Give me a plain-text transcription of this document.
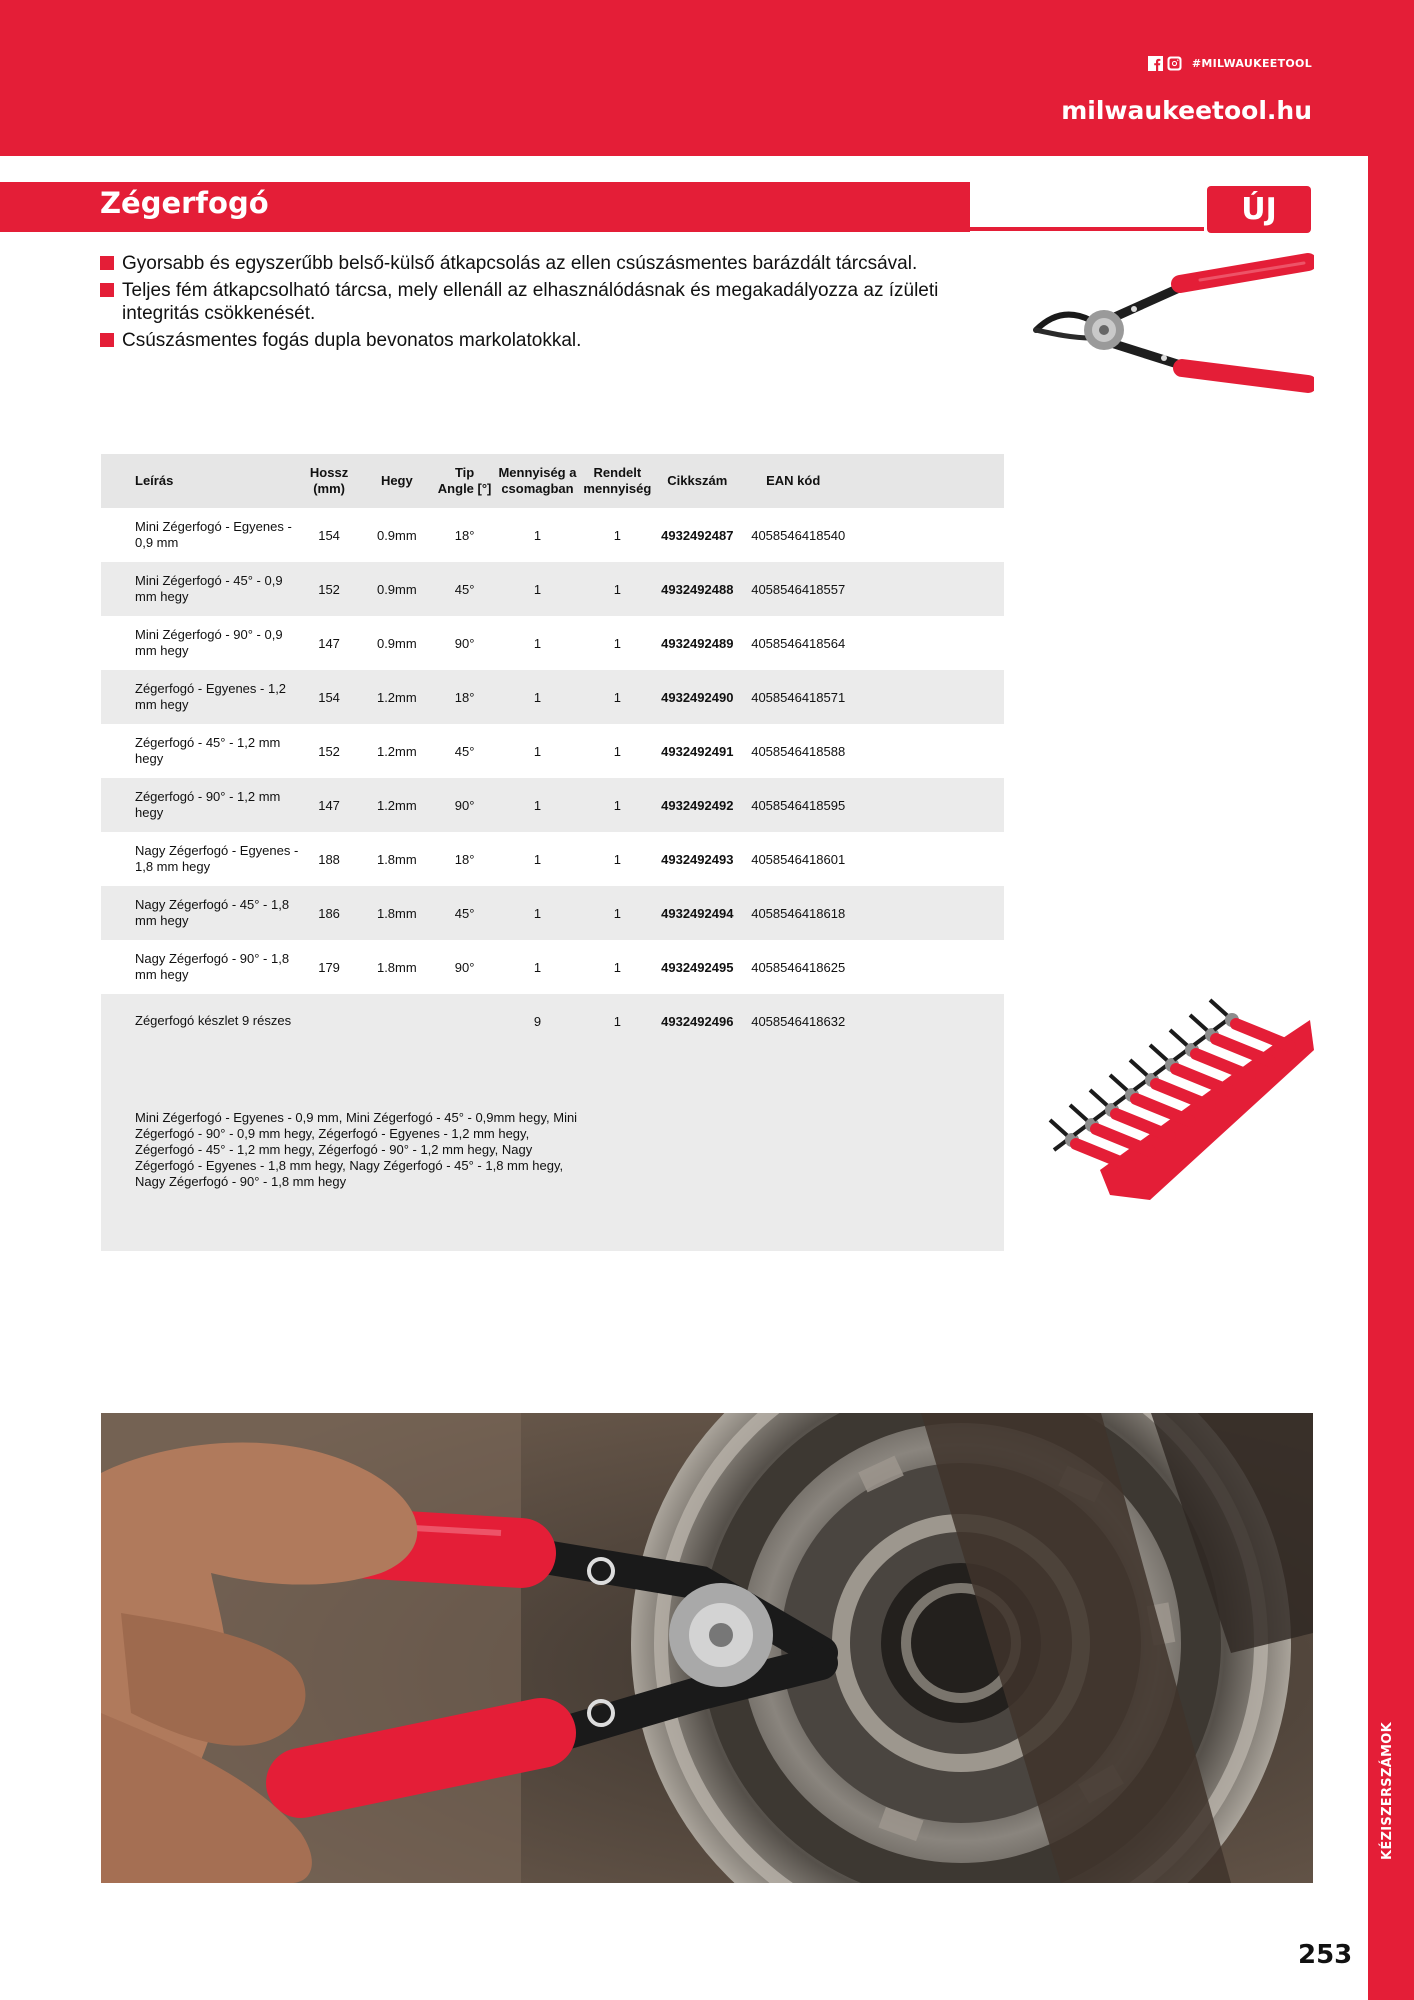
#MILWAUKEETOOL
milwaukeetool.hu
KÉZISZERSZÁMOK
Zégerfogó	ÚJ
Gyorsabb és egyszerűbb belső-külső átkapcsolás az ellen csúszásmentes barázdált tárcsával.
Teljes fém átkapcsolható tárcsa, mely ellenáll az elhasználódásnak és megakadályozza az ízületi integritás csökkenését.
Csúszásmentes fogás dupla bevonatos markolatokkal.
Leírás	Hossz (mm)	Hegy	Tip Angle [°]	Mennyiség a csomagban	Rendelt mennyiség	Cikkszám	EAN kód	
Mini Zégerfogó - Egyenes - 0,9 mm	154	0.9mm	18°	1	1	4932492487	4058546418540	
Mini Zégerfogó - 45° - 0,9 mm hegy	152	0.9mm	45°	1	1	4932492488	4058546418557	
Mini Zégerfogó - 90° - 0,9 mm hegy	147	0.9mm	90°	1	1	4932492489	4058546418564	
Zégerfogó - Egyenes - 1,2 mm hegy	154	1.2mm	18°	1	1	4932492490	4058546418571	
Zégerfogó - 45° - 1,2 mm hegy	152	1.2mm	45°	1	1	4932492491	4058546418588	
Zégerfogó - 90° - 1,2 mm hegy	147	1.2mm	90°	1	1	4932492492	4058546418595	
Nagy Zégerfogó - Egyenes - 1,8 mm hegy	188	1.8mm	18°	1	1	4932492493	4058546418601	
Nagy Zégerfogó - 45° - 1,8 mm hegy	186	1.8mm	45°	1	1	4932492494	4058546418618	
Nagy Zégerfogó - 90° - 1,8 mm hegy	179	1.8mm	90°	1	1	4932492495	4058546418625	
Zégerfogó készlet 9 részes				9	1	4932492496	4058546418632	
Mini Zégerfogó - Egyenes - 0,9 mm, Mini Zégerfogó - 45° - 0,9mm hegy, Mini Zégerfogó - 90° - 0,9 mm hegy, Zégerfogó - Egyenes - 1,2 mm hegy, Zégerfogó - 45° - 1,2 mm hegy, Zégerfogó - 90° - 1,2 mm hegy, Nagy Zégerfogó - Egyenes - 1,8 mm hegy, Nagy Zégerfogó - 45° - 1,8 mm hegy, Nagy Zégerfogó - 90° - 1,8 mm hegy								
253
